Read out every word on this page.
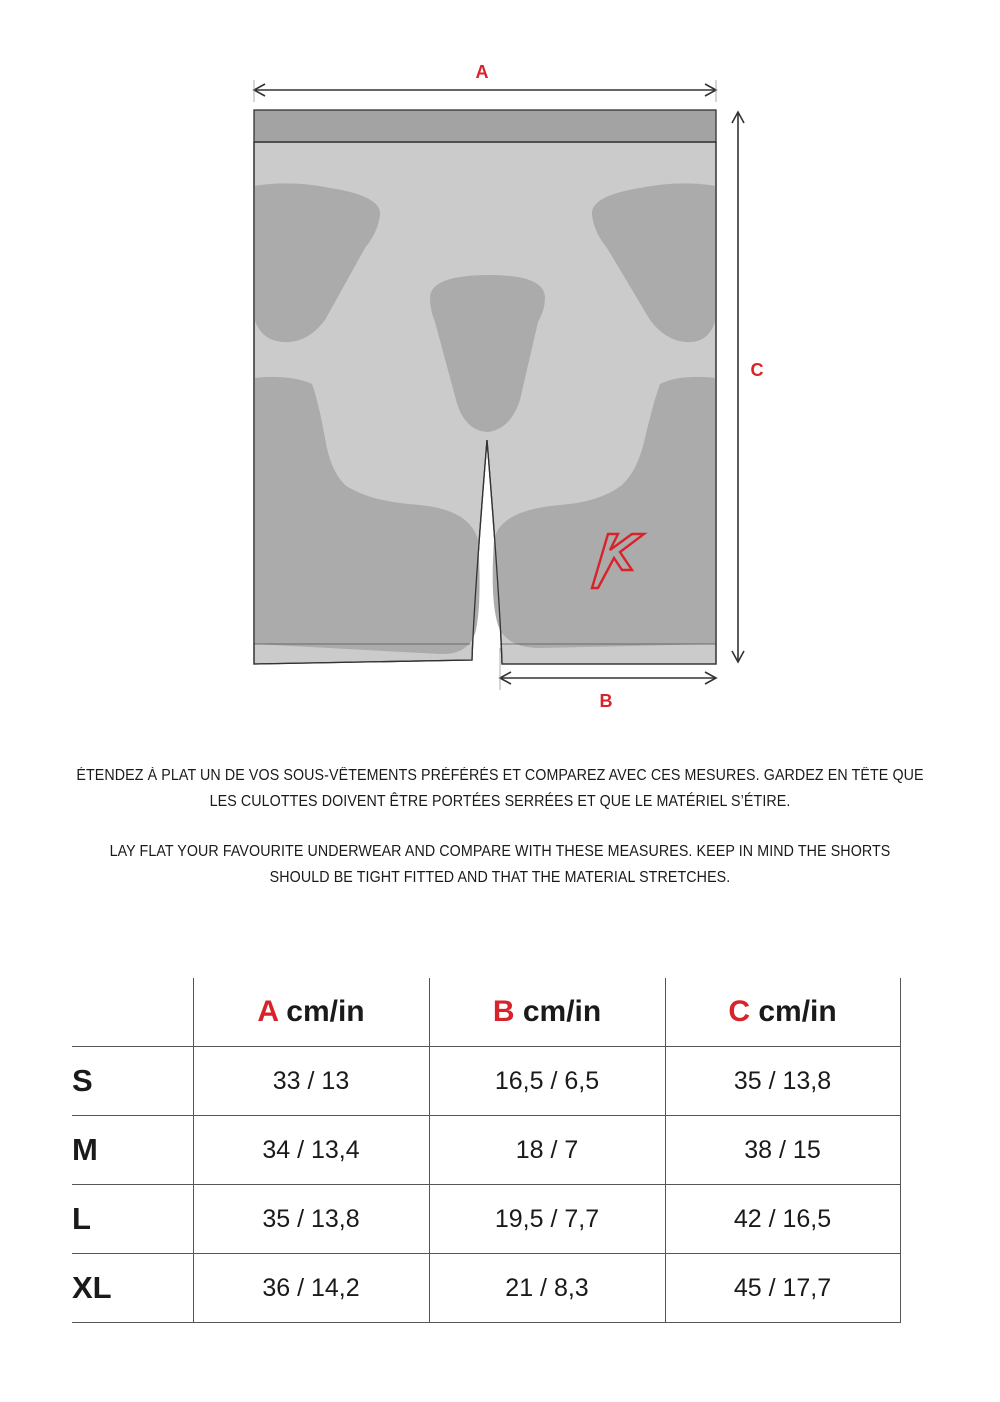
A
C
B
ÉTENDEZ À PLAT UN DE VOS SOUS-VÊTEMENTS PRÉFÉRÉS ET COMPAREZ AVEC CES MESURES. GARDEZ EN TÊTE QUE
LES CULOTTES DOIVENT ÊTRE PORTÉES SERRÉES ET QUE LE MATÉRIEL S’ÉTIRE.
LAY FLAT YOUR FAVOURITE UNDERWEAR AND COMPARE WITH THESE MEASURES. KEEP IN MIND THE SHORTS
SHOULD BE TIGHT FITTED AND THAT THE MATERIAL STRETCHES.
	A cm/in	B cm/in	C cm/in
S	33 / 13	16,5 / 6,5	35 / 13,8
M	34 / 13,4	18 / 7	38 / 15
L	35 / 13,8	19,5 / 7,7	42 / 16,5
XL	36 / 14,2	21 / 8,3	45 / 17,7
